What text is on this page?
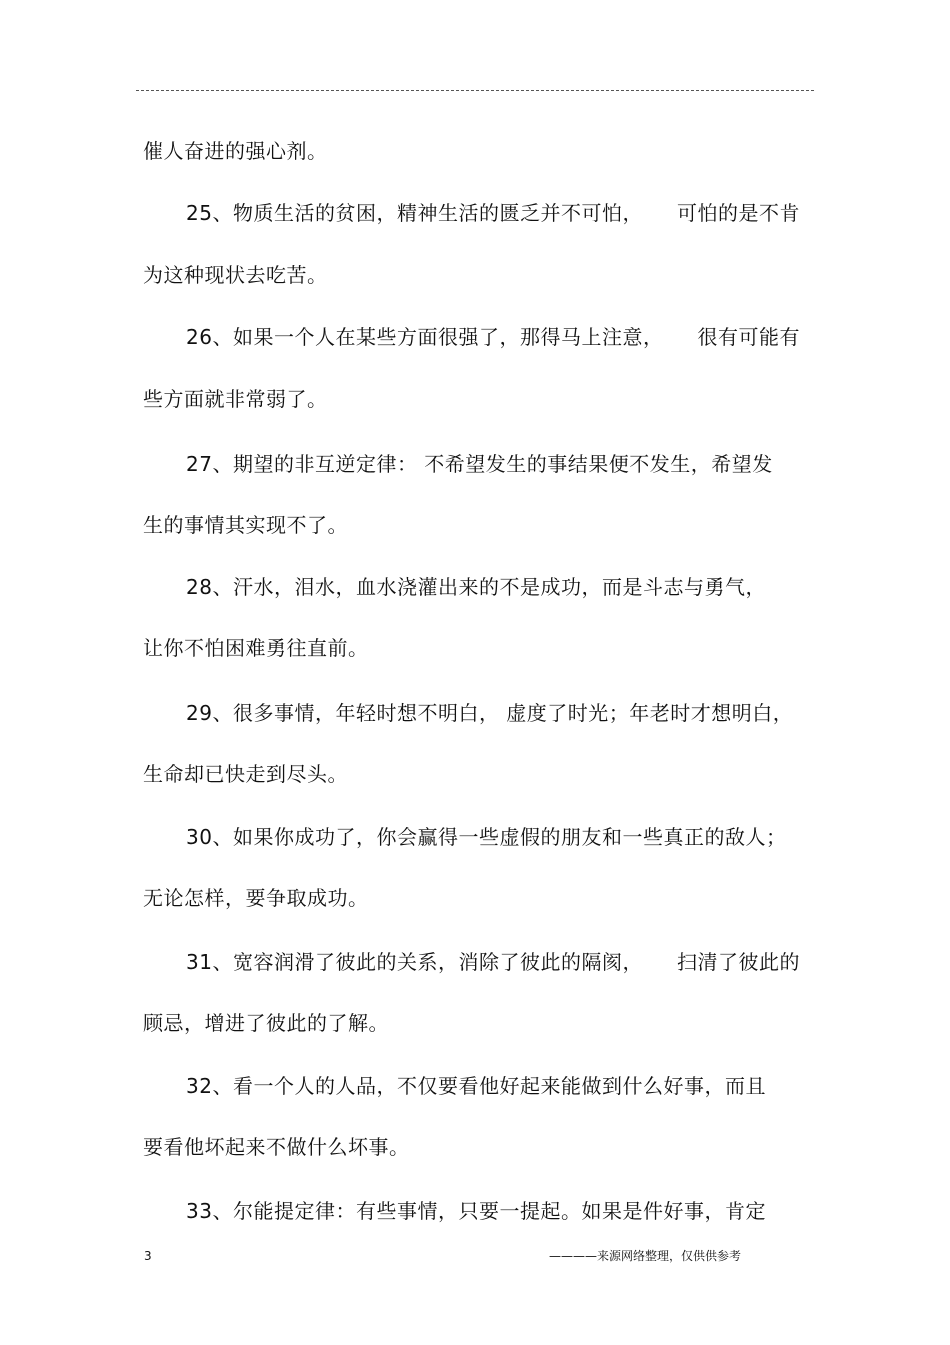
催人奋进的强心剂。
25、物质生活的贫困，精神生活的匮乏并不可怕， 可怕的是不肯
为这种现状去吃苦。
26、如果一个人在某些方面很强了，那得马上注意， 很有可能有
些方面就非常弱了。
27、期望的非互逆定律： 不希望发生的事结果便不发生，希望发
生的事情其实现不了。
28、汗水，泪水，血水浇灌出来的不是成功，而是斗志与勇气，
让你不怕困难勇往直前。
29、很多事情，年轻时想不明白， 虚度了时光；年老时才想明白，
生命却已快走到尽头。
30、如果你成功了，你会赢得一些虚假的朋友和一些真正的敌人；
无论怎样，要争取成功。
31、宽容润滑了彼此的关系，消除了彼此的隔阂， 扫清了彼此的
顾忌，增进了彼此的了解。
32、看一个人的人品，不仅要看他好起来能做到什么好事，而且
要看他坏起来不做什么坏事。
33、尔能提定律：有些事情，只要一提起。如果是件好事，肯定
3	————来源网络整理，仅供供参考
